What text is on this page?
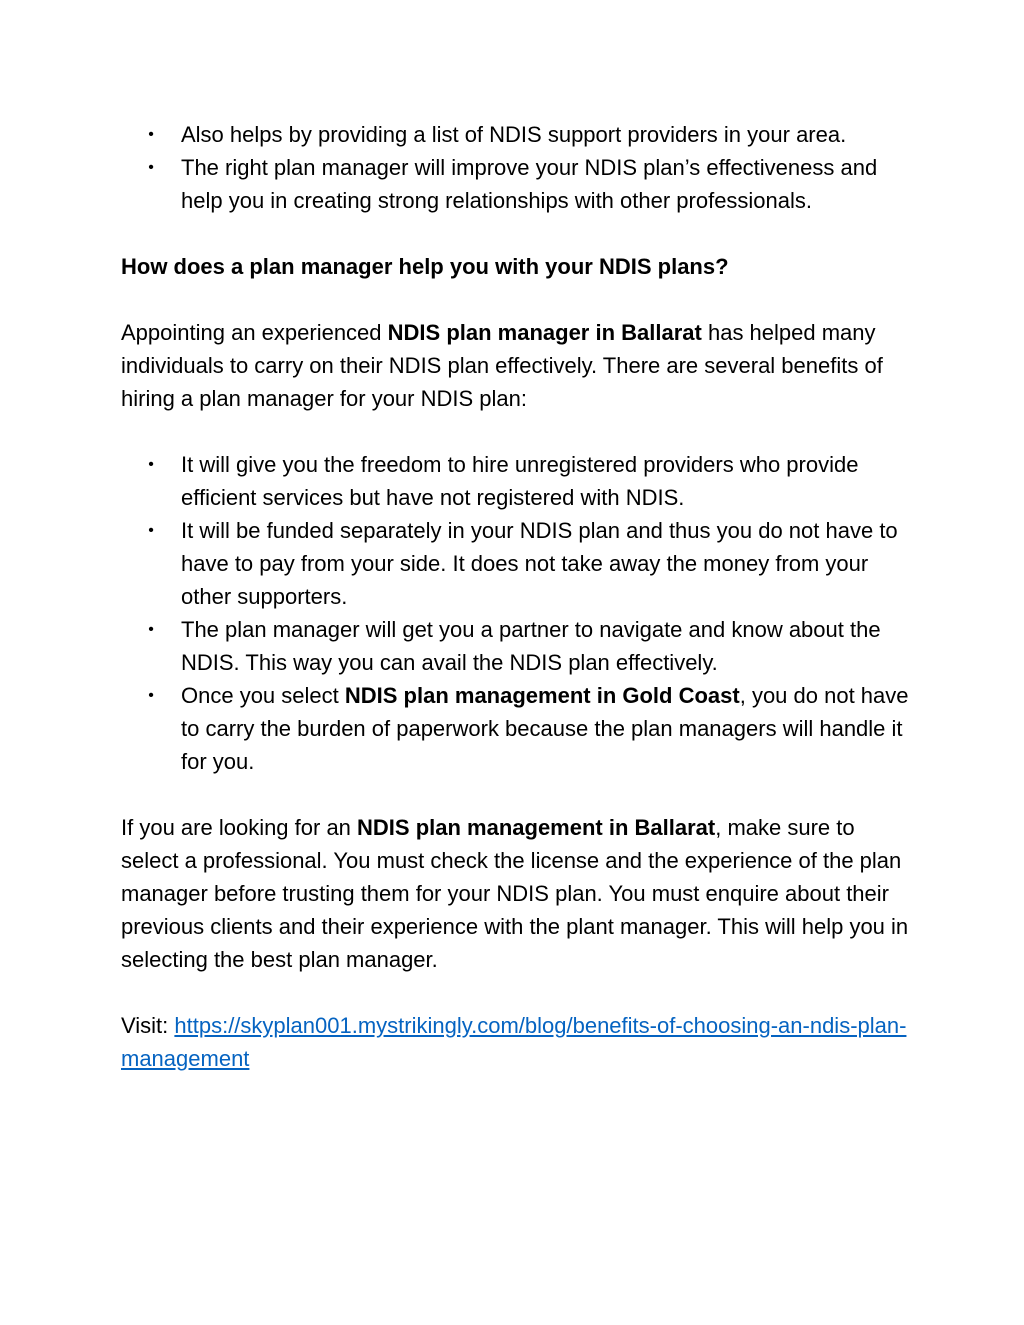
• Also helps by providing a list of NDIS support providers in your area.
• The right plan manager will improve your NDIS plan’s effectiveness and help you in creating strong relationships with other professionals.

How does a plan manager help you with your NDIS plans?

Appointing an experienced NDIS plan manager in Ballarat has helped many individuals to carry on their NDIS plan effectively. There are several benefits of hiring a plan manager for your NDIS plan:

• It will give you the freedom to hire unregistered providers who provide efficient services but have not registered with NDIS.
• It will be funded separately in your NDIS plan and thus you do not have to have to pay from your side. It does not take away the money from your other supporters.
• The plan manager will get you a partner to navigate and know about the NDIS. This way you can avail the NDIS plan effectively.
• Once you select NDIS plan management in Gold Coast, you do not have to carry the burden of paperwork because the plan managers will handle it for you.

If you are looking for an NDIS plan management in Ballarat, make sure to select a professional. You must check the license and the experience of the plan manager before trusting them for your NDIS plan. You must enquire about their previous clients and their experience with the plant manager. This will help you in selecting the best plan manager.

Visit: https://skyplan001.mystrikingly.com/blog/benefits-of-choosing-an-ndis-plan-management
